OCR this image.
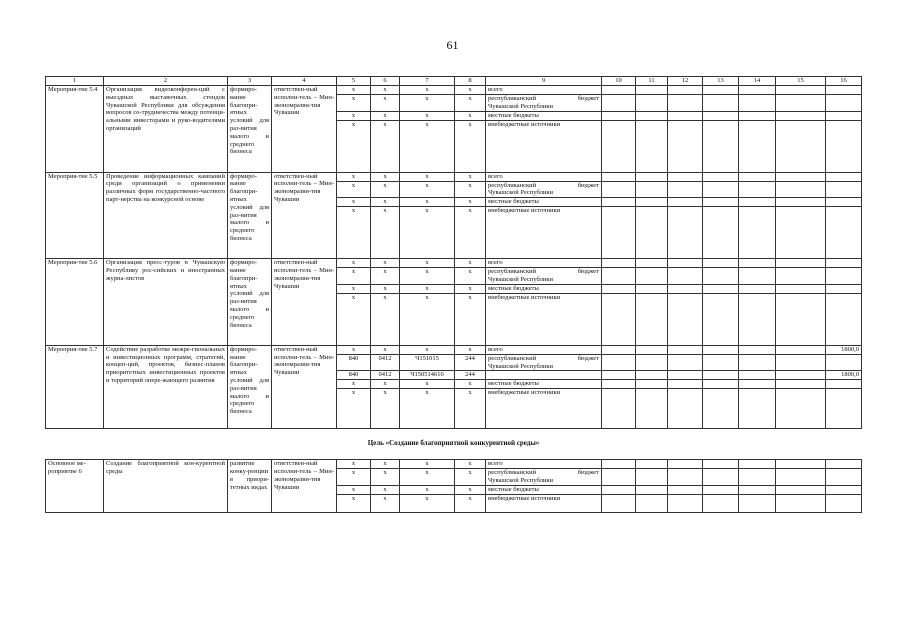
61
1	2	3	4	5	6	7	8	9	10	11	12	13	14	15	16
Мероприя-тие 5.4	Организация видеоконферен-ций с выездных выставочных стендов Чувашской Республики для обсуждения вопросов со-трудничества между потенци-альными инвесторами и руко-водителями организаций	формиро-вание благопри-ятных условий для раз-вития малого и среднего бизнеса	ответствен-ный исполни-тель – Мин-экономразви-тия Чувашии	х	х	х	х	всего							
				х	х	х	х	республиканский бюджет
Чувашской Республики							

				х	х	х	х	местные бюджеты							
				х	х	х	х	внебюджетные источники							
Мероприя-тие 5.5	Проведение информационных кампаний среди организаций о применении различных форм государственно-частного парт-нерства на конкурсной основе	формиро-вание благопри-ятных условий для раз-вития малого и среднего бизнеса	ответствен-ный исполни-тель – Мин-экономразви-тия Чувашии	х	х	х	х	всего							
				х	х	х	х	республиканский бюджет
Чувашской Республики							

				х	х	х	х	местные бюджеты							
				х	х	х	х	внебюджетные источники							
Мероприя-тие 5.6	Организация пресс-туров в Чувашскую Республику рос-сийских и иностранных журна-листов	формиро-вание благопри-ятных условий для раз-вития малого и среднего бизнеса	ответствен-ный исполни-тель – Мин-экономразви-тия Чувашии	х	х	х	х	всего							
				х	х	х	х	республиканский бюджет
Чувашской Республики							

				х	х	х	х	местные бюджеты							
				х	х	х	х	внебюджетные источники							
Мероприя-тие 5.7	Содействие разработке межре-гиональных и инвестиционных программ, стратегий, концеп-ций, проектов, бизнес-планов приоритетных инвестиционных проектов и территорий опере-жающего развития	формиро-вание благопри-ятных условий для раз-вития малого и среднего бизнеса	ответствен-ный исполни-тель – Мин-экономразви-тия Чувашии	х	х	х	х	всего							1800,0
				840	0412	Ч151015	244	республиканский бюджет
Чувашской Республики							

				840	0412	Ч150514610	244								1800,0
				х	х	х	х	местные бюджеты							
				х	х	х	х	внебюджетные источники							
Цель «Создание благоприятной конкурентной среды»															
Основное ме-роприятие 6	Создание благоприятной кон-курентной среды	развитие конку-ренции в приори-тетных видах	ответствен-ный исполни-тель – Мин-экономразви-тия Чувашии	х	х	х	х	всего							
				х	х	х	х	республиканский бюджет
Чувашской Республики							

				х	х	х	х	местные бюджеты							
				х	х	х	х	внебюджетные источники							
